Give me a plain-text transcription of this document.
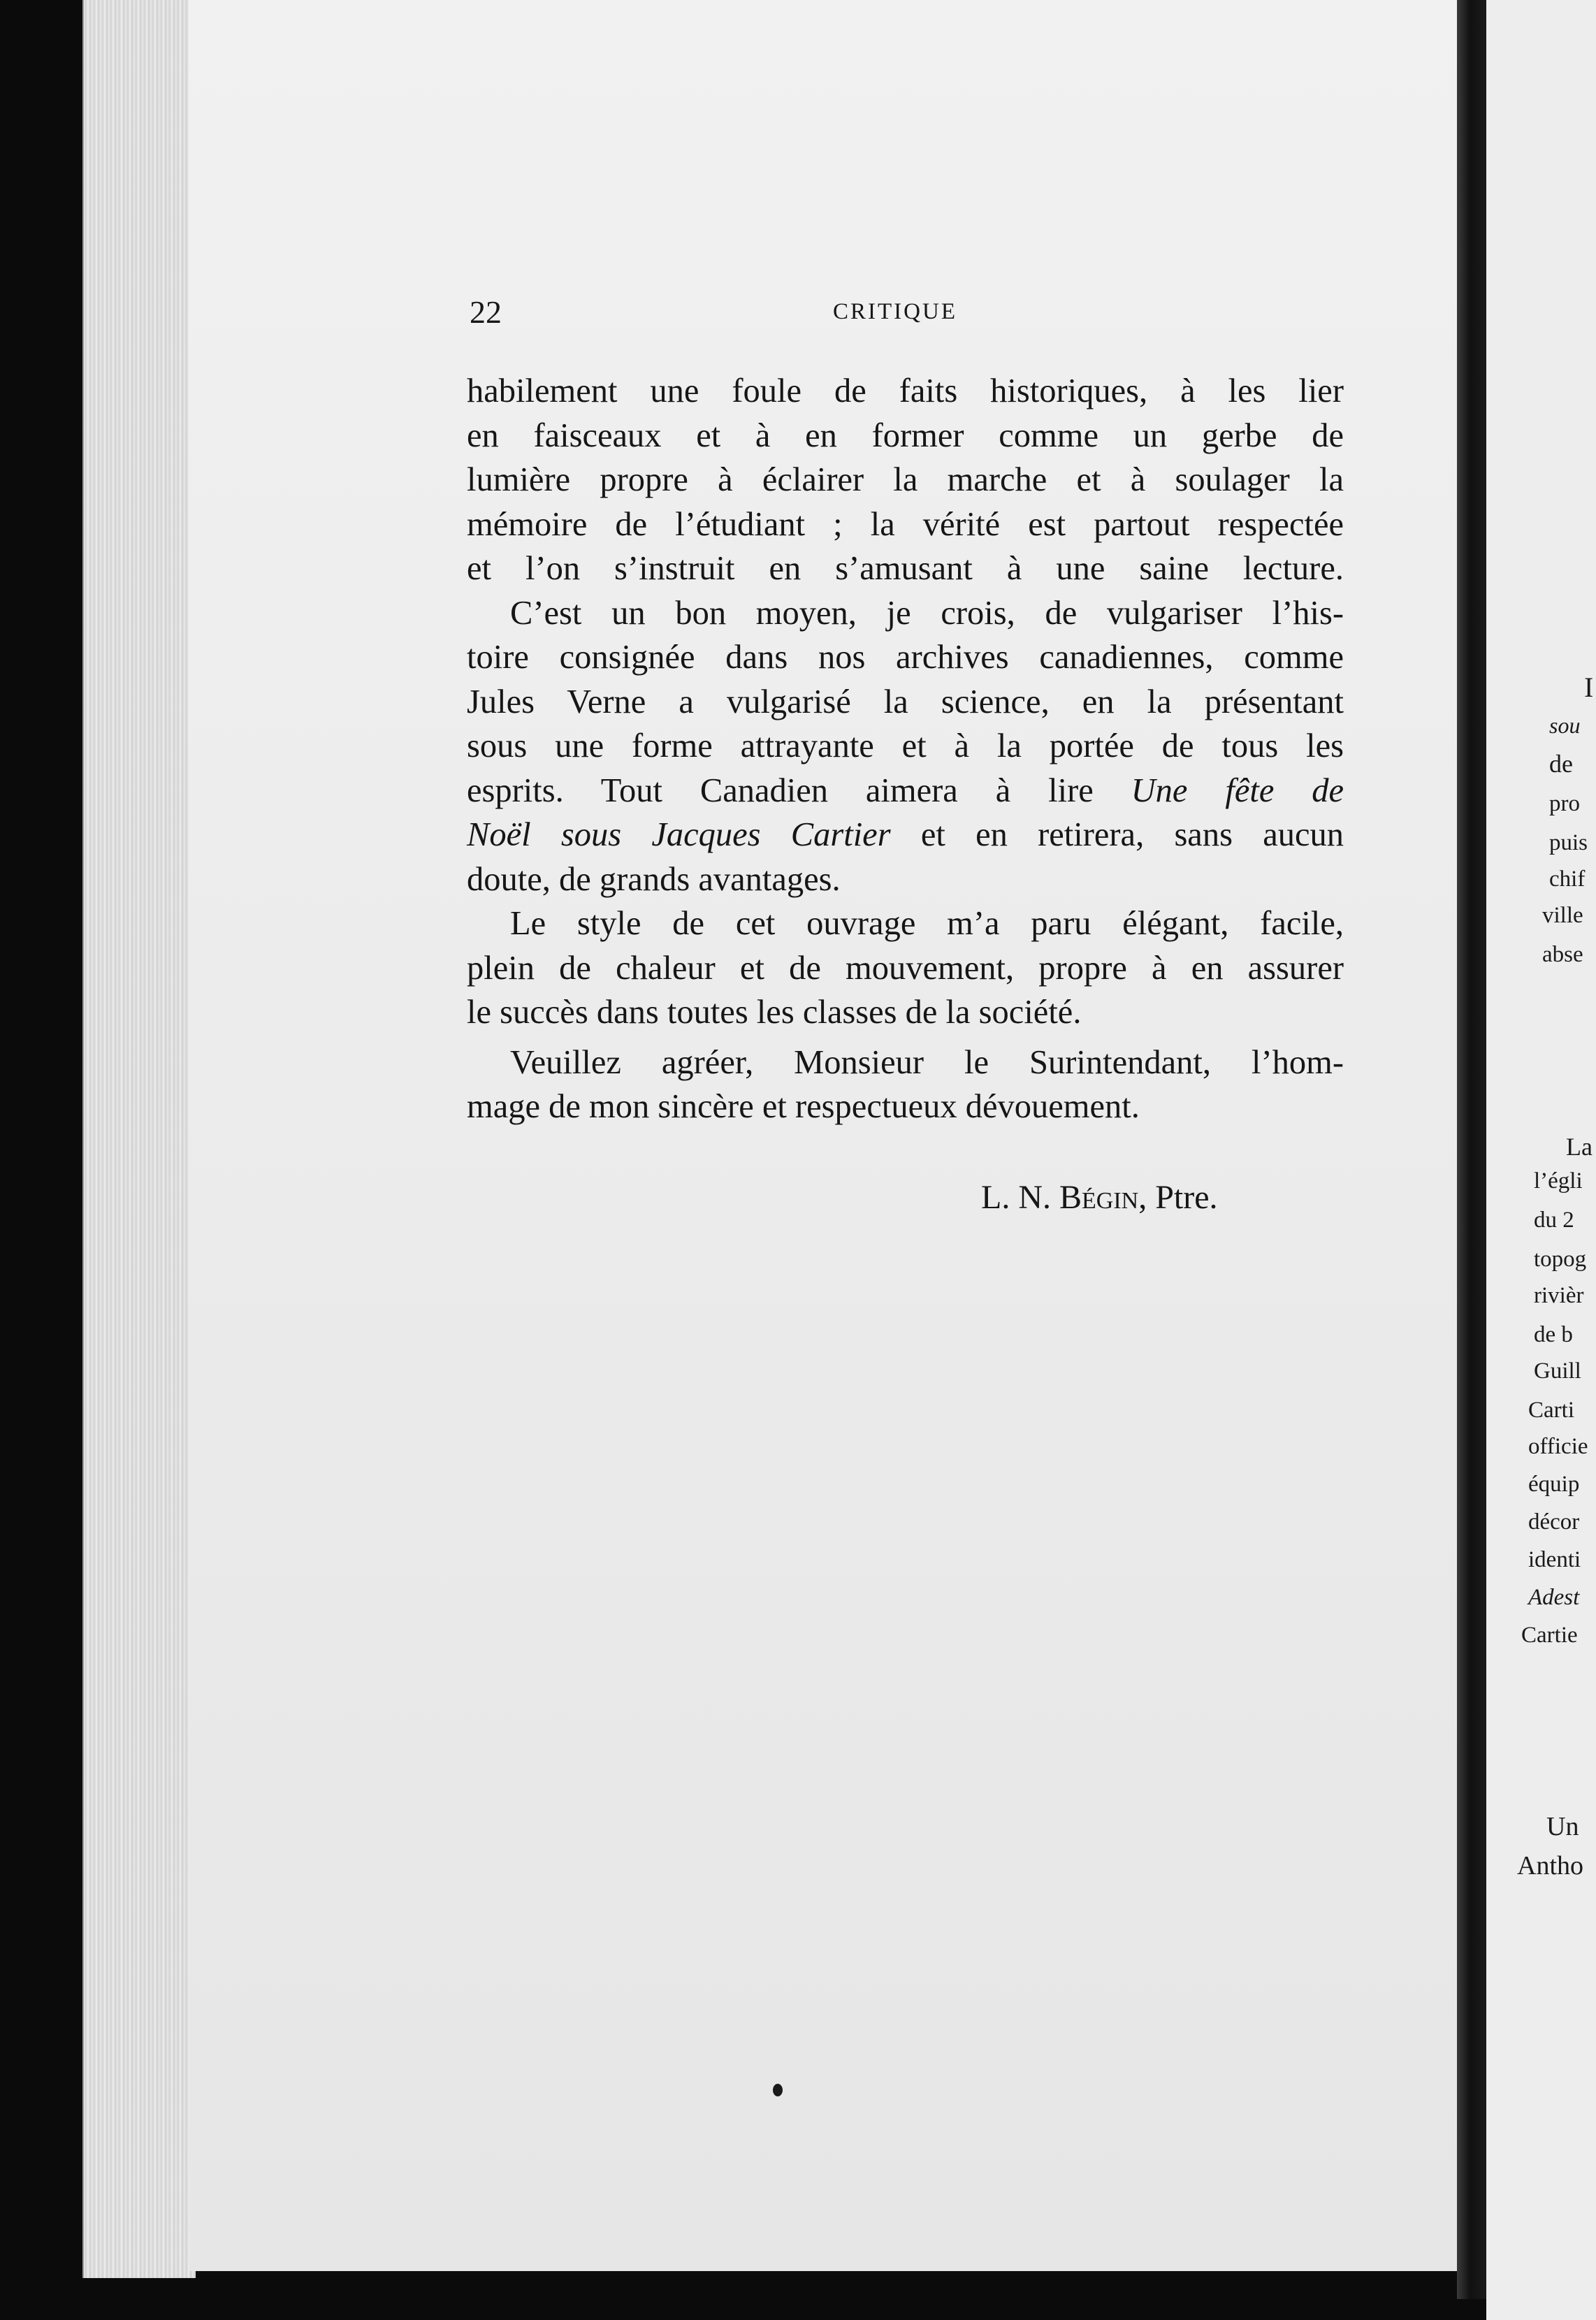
22	CRITIQUE
habilement une foule de faits historiques, à les lier
en faisceaux et à en former comme un gerbe de
lumière propre à éclairer la marche et à soulager la
mémoire de l’étudiant ; la vérité est partout respectée
et l’on s’instruit en s’amusant à une saine lecture.
C’est un bon moyen, je crois, de vulgariser l’his-
toire consignée dans nos archives canadiennes, comme
Jules Verne a vulgarisé la science, en la présentant
sous une forme attrayante et à la portée de tous les
esprits. Tout Canadien aimera à lire Une fête de
Noël sous Jacques Cartier et en retirera, sans aucun
doute, de grands avantages.
Le style de cet ouvrage m’a paru élégant, facile,
plein de chaleur et de mouvement, propre à en assurer
le succès dans toutes les classes de la société.
Veuillez agréer, Monsieur le Surintendant, l’hom-
mage de mon sincère et respectueux dévouement.
L. N. Bégin, Ptre.
I
sou
de
pro
puis
chif
ville
abse
La
l’égli
du 2
topog
rivièr
de b
Guill
Carti
officie
équip
décor
identi
Adest
Cartie
Un
Antho
